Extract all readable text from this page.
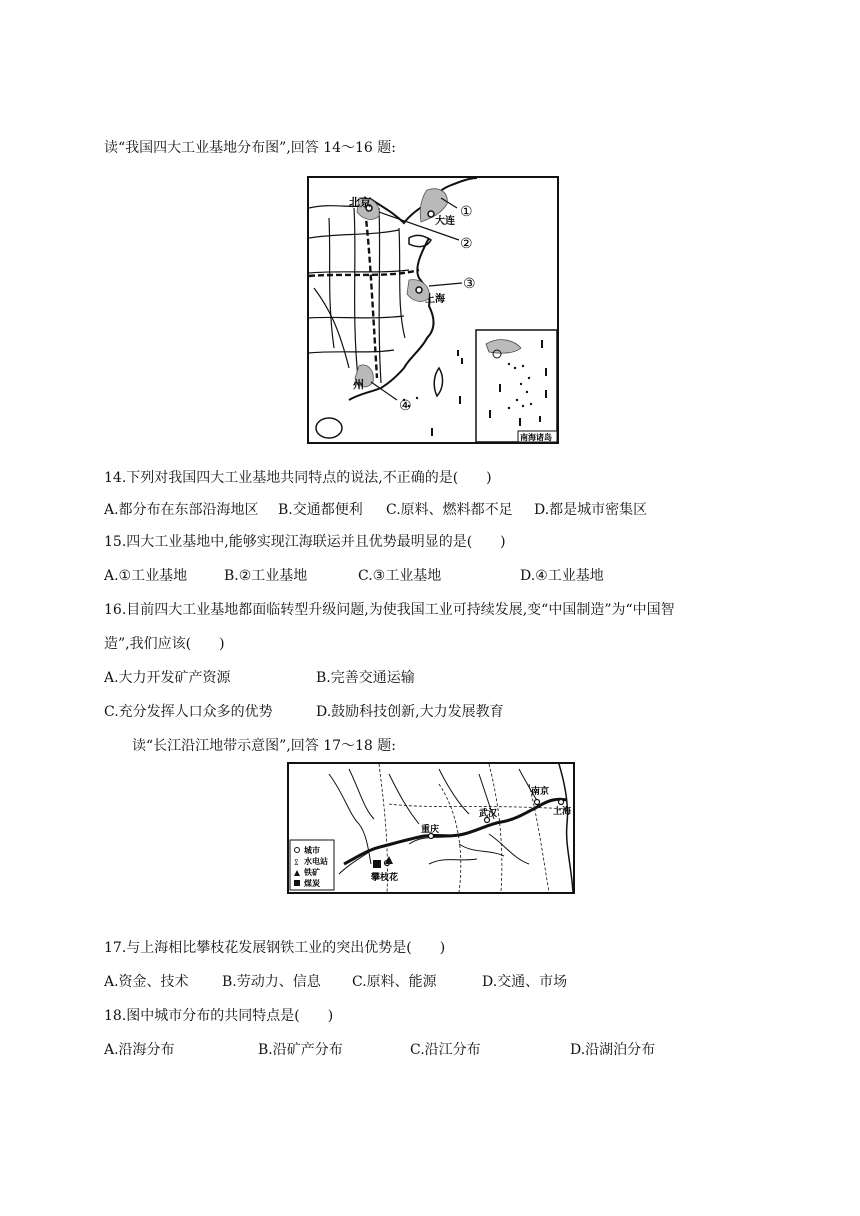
读“我国四大工业基地分布图”,回答 14～16 题:
北京
大连
上海
州
①
②
③
④
南海诸岛
14.下列对我国四大工业基地共同特点的说法,不正确的是(　　)
A.都分布在东部沿海地区 B.交通都便利 C.原料、燃料都不足 D.都是城市密集区
15.四大工业基地中,能够实现江海联运并且优势最明显的是(　　)
A.①工业基地	B.②工业基地	C.③工业基地	D.④工业基地
16.目前四大工业基地都面临转型升级问题,为使我国工业可持续发展,变“中国制造”为“中国智
造”,我们应该(　　)
A.大力开发矿产资源	B.完善交通运输
C.充分发挥人口众多的优势	D.鼓励科技创新,大力发展教育
读“长江沿江地带示意图”,回答 17～18 题:
ೱ
城市
水电站
铁矿
煤炭
南京
上海
武汉
重庆
攀枝花
17.与上海相比攀枝花发展钢铁工业的突出优势是(　　)
A.资金、技术 B.劳动力、信息 C.原料、能源	D.交通、市场
18.图中城市分布的共同特点是(　　)
A.沿海分布	B.沿矿产分布	C.沿江分布	D.沿湖泊分布
